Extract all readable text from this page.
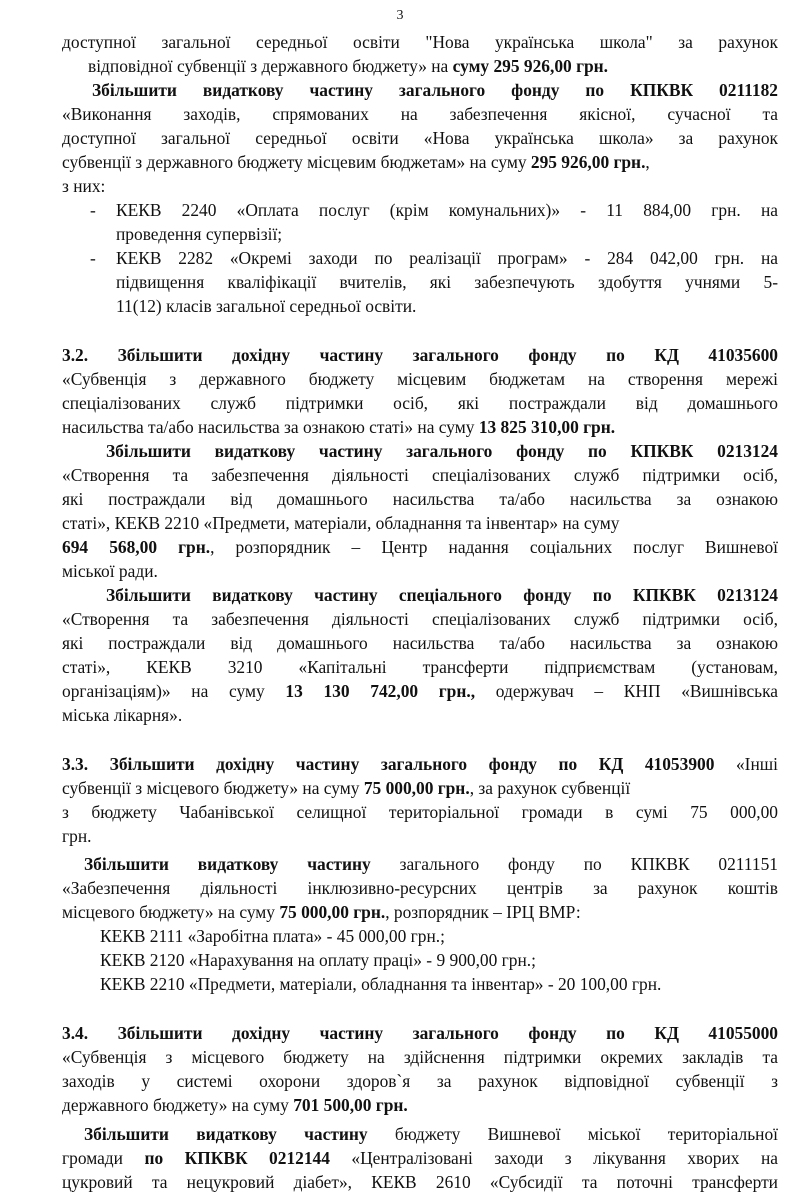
3
доступної загальної середньої освіти "Нова українська школа" за рахунок
відповідної субвенції з державного бюджету» на суму 295 926,00 грн.
Збільшити видаткову частину загального фонду по КПКВК 0211182
«Виконання заходів, спрямованих на забезпечення якісної, сучасної та
доступної загальної середньої освіти «Нова українська школа» за рахунок
субвенції з державного бюджету місцевим бюджетам» на суму 295 926,00 грн.,
з них:
- КЕКВ 2240 «Оплата послуг (крім комунальних)» - 11 884,00 грн. на
проведення супервізії;
- КЕКВ 2282 «Окремі заходи по реалізації програм» - 284 042,00 грн. на
підвищення кваліфікації вчителів, які забезпечують здобуття учнями 5-
11(12) класів загальної середньої освіти.
3.2. Збільшити дохідну частину загального фонду по КД 41035600
«Субвенція з державного бюджету місцевим бюджетам на створення мережі
спеціалізованих служб підтримки осіб, які постраждали від домашнього
насильства та/або насильства за ознакою статі» на суму 13 825 310,00 грн.
Збільшити видаткову частину загального фонду по КПКВК 0213124
«Створення та забезпечення діяльності спеціалізованих служб підтримки осіб,
які постраждали від домашнього насильства та/або насильства за ознакою
статі», КЕКВ 2210 «Предмети, матеріали, обладнання та інвентар» на суму
694 568,00 грн., розпорядник – Центр надання соціальних послуг Вишневої
міської ради.
Збільшити видаткову частину спеціального фонду по КПКВК 0213124
«Створення та забезпечення діяльності спеціалізованих служб підтримки осіб,
які постраждали від домашнього насильства та/або насильства за ознакою
статі», КЕКВ 3210 «Капітальні трансферти підприємствам (установам,
організаціям)» на суму 13 130 742,00 грн., одержувач – КНП «Вишнівська
міська лікарня».
3.3. Збільшити дохідну частину загального фонду по КД 41053900 «Інші
субвенції з місцевого бюджету» на суму 75 000,00 грн., за рахунок субвенції
з бюджету Чабанівської селищної територіальної громади в сумі 75 000,00
грн.
Збільшити видаткову частину загального фонду по КПКВК 0211151
«Забезпечення діяльності інклюзивно-ресурсних центрів за рахунок коштів
місцевого бюджету» на суму 75 000,00 грн., розпорядник – ІРЦ ВМР:
КЕКВ 2111 «Заробітна плата» - 45 000,00 грн.;
КЕКВ 2120 «Нарахування на оплату праці» - 9 900,00 грн.;
КЕКВ 2210 «Предмети, матеріали, обладнання та інвентар» - 20 100,00 грн.
3.4. Збільшити дохідну частину загального фонду по КД 41055000
«Субвенція з місцевого бюджету на здійснення підтримки окремих закладів та
заходів у системі охорони здоров`я за рахунок відповідної субвенції з
державного бюджету» на суму 701 500,00 грн.
Збільшити видаткову частину бюджету Вишневої міської територіальної
громади по КПКВК 0212144 «Централізовані заходи з лікування хворих на
цукровий та нецукровий діабет», КЕКВ 2610 «Субсидії та поточні трансферти
